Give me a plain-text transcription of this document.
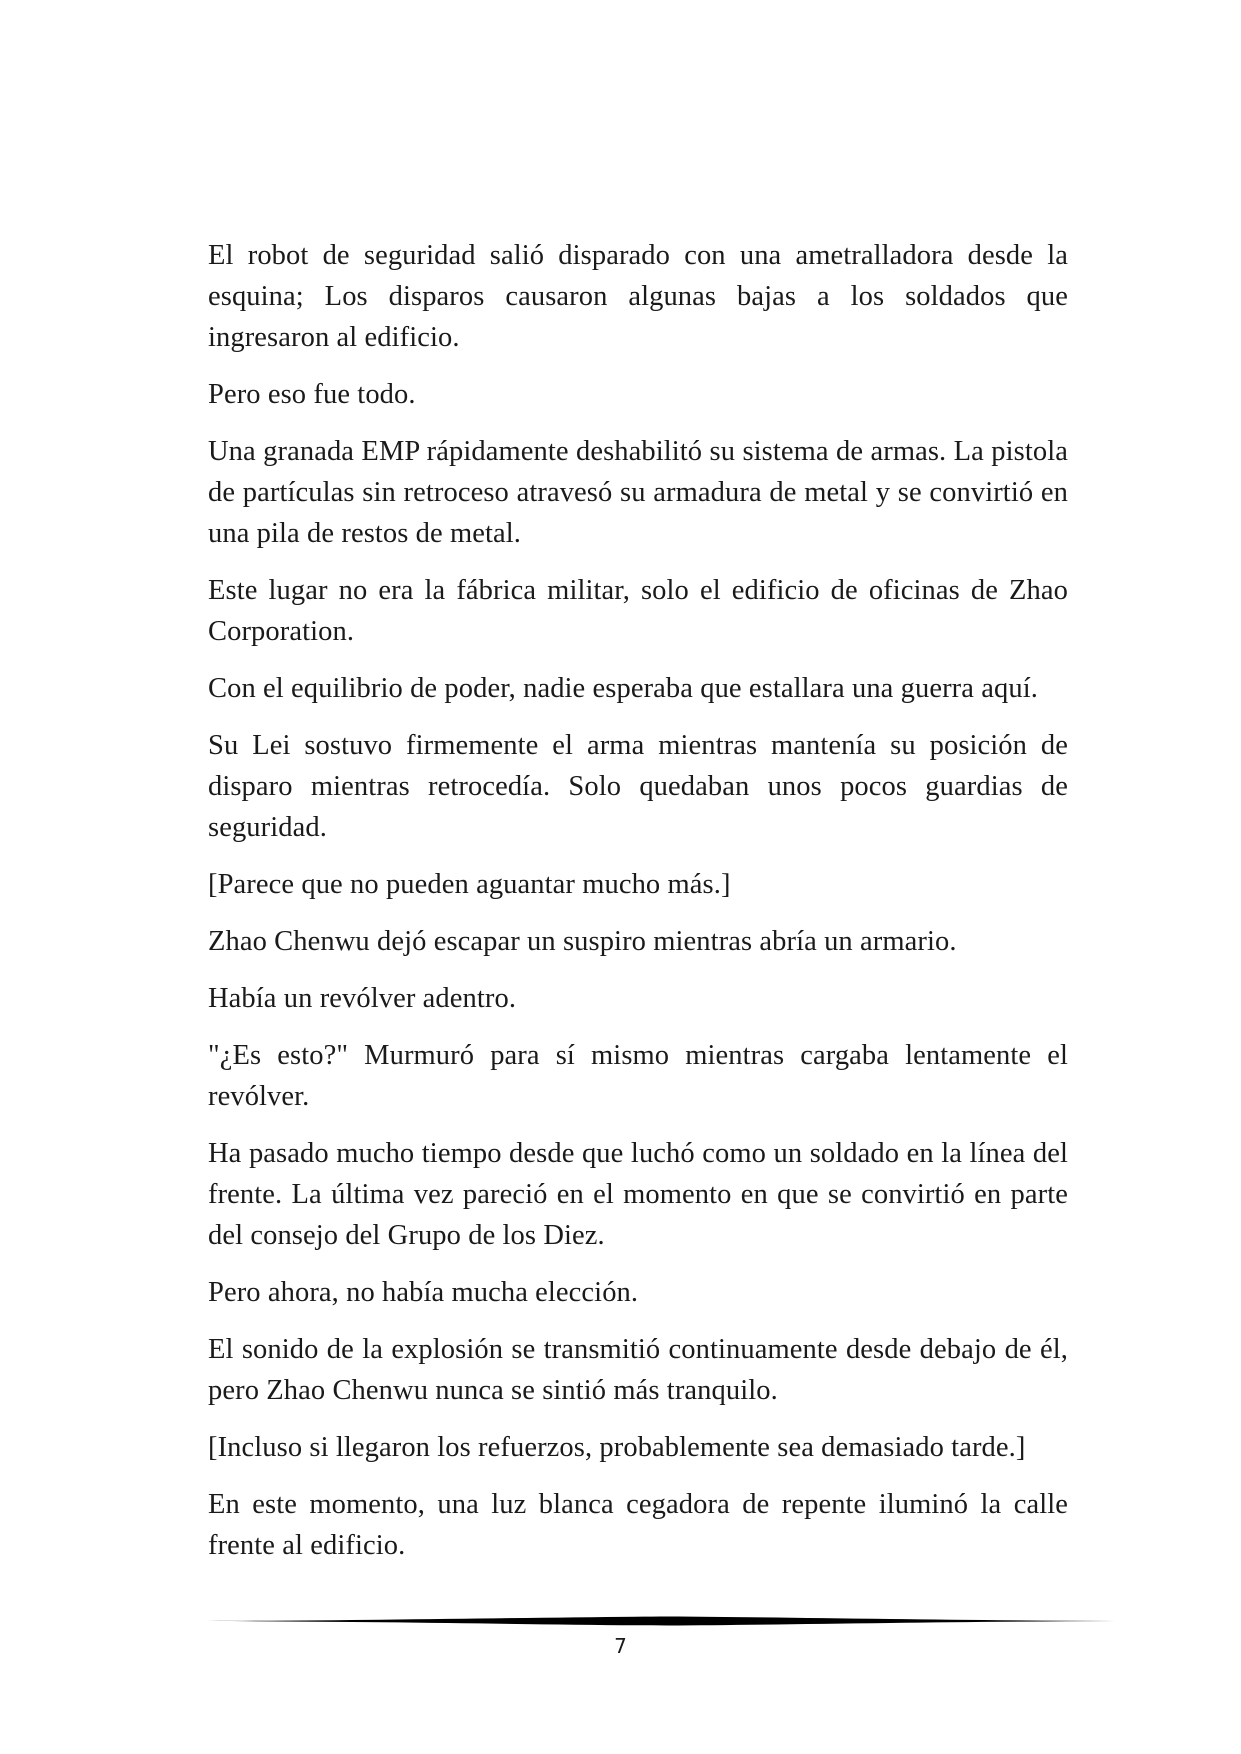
El robot de seguridad salió disparado con una ametralladora desde la esquina; Los disparos causaron algunas bajas a los soldados que ingresaron al edificio.

Pero eso fue todo.

Una granada EMP rápidamente deshabilitó su sistema de armas. La pistola de partículas sin retroceso atravesó su armadura de metal y se convirtió en una pila de restos de metal.

Este lugar no era la fábrica militar, solo el edificio de oficinas de Zhao Corporation.

Con el equilibrio de poder, nadie esperaba que estallara una guerra aquí.

Su Lei sostuvo firmemente el arma mientras mantenía su posición de disparo mientras retrocedía. Solo quedaban unos pocos guardias de seguridad.

[Parece que no pueden aguantar mucho más.]

Zhao Chenwu dejó escapar un suspiro mientras abría un armario.

Había un revólver adentro.

"¿Es esto?" Murmuró para sí mismo mientras cargaba lentamente el revólver.

Ha pasado mucho tiempo desde que luchó como un soldado en la línea del frente. La última vez pareció en el momento en que se convirtió en parte del consejo del Grupo de los Diez.

Pero ahora, no había mucha elección.

El sonido de la explosión se transmitió continuamente desde debajo de él, pero Zhao Chenwu nunca se sintió más tranquilo.

[Incluso si llegaron los refuerzos, probablemente sea demasiado tarde.]

En este momento, una luz blanca cegadora de repente iluminó la calle frente al edificio.

7
